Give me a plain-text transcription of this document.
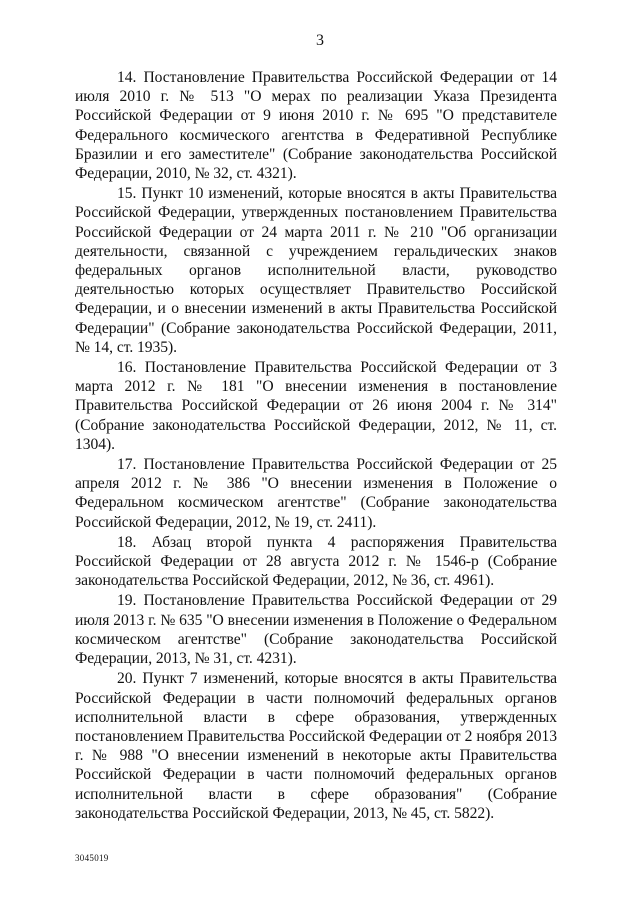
3

14. Постановление Правительства Российской Федерации от 14 июля 2010 г. № 513 "О мерах по реализации Указа Президента Российской Федерации от 9 июня 2010 г. № 695 "О представителе Федерального космического агентства в Федеративной Республике Бразилии и его заместителе" (Собрание законодательства Российской Федерации, 2010, № 32, ст. 4321).

15. Пункт 10 изменений, которые вносятся в акты Правительства Российской Федерации, утвержденных постановлением Правительства Российской Федерации от 24 марта 2011 г. № 210 "Об организации деятельности, связанной с учреждением геральдических знаков федеральных органов исполнительной власти, руководство деятельностью которых осуществляет Правительство Российской Федерации, и о внесении изменений в акты Правительства Российской Федерации" (Собрание законодательства Российской Федерации, 2011, № 14, ст. 1935).

16. Постановление Правительства Российской Федерации от 3 марта 2012 г. № 181 "О внесении изменения в постановление Правительства Российской Федерации от 26 июня 2004 г. № 314" (Собрание законодательства Российской Федерации, 2012, № 11, ст. 1304).

17. Постановление Правительства Российской Федерации от 25 апреля 2012 г. № 386 "О внесении изменения в Положение о Федеральном космическом агентстве" (Собрание законодательства Российской Федерации, 2012, № 19, ст. 2411).

18. Абзац второй пункта 4 распоряжения Правительства Российской Федерации от 28 августа 2012 г. № 1546-р (Собрание законодательства Российской Федерации, 2012, № 36, ст. 4961).

19. Постановление Правительства Российской Федерации от 29 июля 2013 г. № 635 "О внесении изменения в Положение о Федеральном космическом агентстве" (Собрание законодательства Российской Федерации, 2013, № 31, ст. 4231).

20. Пункт 7 изменений, которые вносятся в акты Правительства Российской Федерации в части полномочий федеральных органов исполнительной власти в сфере образования, утвержденных постановлением Правительства Российской Федерации от 2 ноября 2013 г. № 988 "О внесении изменений в некоторые акты Правительства Российской Федерации в части полномочий федеральных органов исполнительной власти в сфере образования" (Собрание законодательства Российской Федерации, 2013, № 45, ст. 5822).

3045019
